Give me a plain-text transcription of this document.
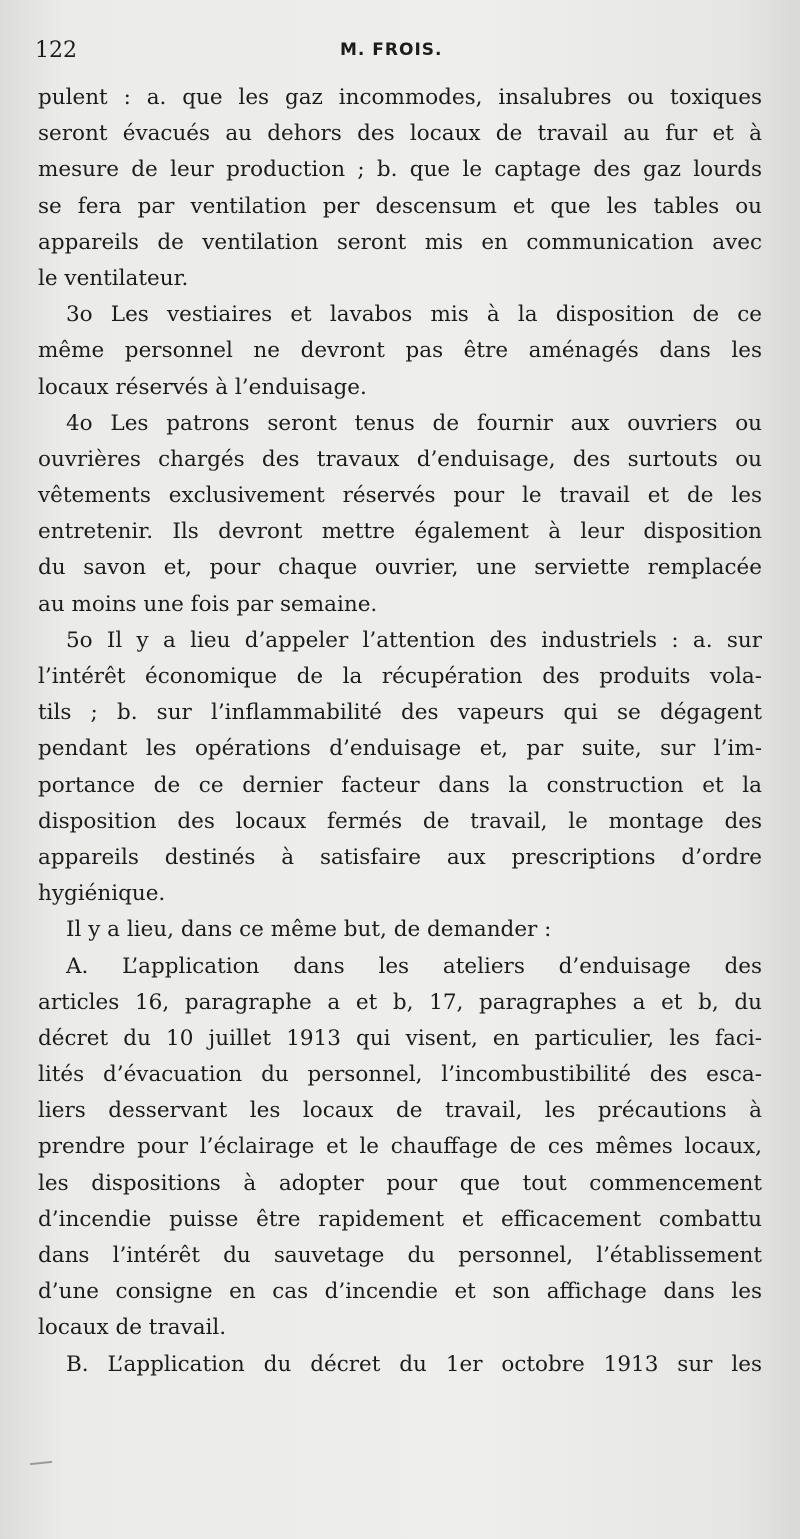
122	M. FROIS.
pulent : a. que les gaz incommodes, insalubres ou toxiques
seront évacués au dehors des locaux de travail au fur et à
mesure de leur production ; b. que le captage des gaz lourds
se fera par ventilation per descensum et que les tables ou
appareils de ventilation seront mis en communication avec
le ventilateur.
3o Les vestiaires et lavabos mis à la disposition de ce
même personnel ne devront pas être aménagés dans les
locaux réservés à l’enduisage.
4o Les patrons seront tenus de fournir aux ouvriers ou
ouvrières chargés des travaux d’enduisage, des surtouts ou
vêtements exclusivement réservés pour le travail et de les
entretenir. Ils devront mettre également à leur disposition
du savon et, pour chaque ouvrier, une serviette remplacée
au moins une fois par semaine.
5o Il y a lieu d’appeler l’attention des industriels : a. sur
l’intérêt économique de la récupération des produits vola-
tils ; b. sur l’inflammabilité des vapeurs qui se dégagent
pendant les opérations d’enduisage et, par suite, sur l’im-
portance de ce dernier facteur dans la construction et la
disposition des locaux fermés de travail, le montage des
appareils destinés à satisfaire aux prescriptions d’ordre
hygiénique.
Il y a lieu, dans ce même but, de demander :
A. L’application dans les ateliers d’enduisage des
articles 16, paragraphe a et b, 17, paragraphes a et b, du
décret du 10 juillet 1913 qui visent, en particulier, les faci-
lités d’évacuation du personnel, l’incombustibilité des esca-
liers desservant les locaux de travail, les précautions à
prendre pour l’éclairage et le chauffage de ces mêmes locaux,
les dispositions à adopter pour que tout commencement
d’incendie puisse être rapidement et efficacement combattu
dans l’intérêt du sauvetage du personnel, l’établissement
d’une consigne en cas d’incendie et son affichage dans les
locaux de travail.
B. L’application du décret du 1er octobre 1913 sur les
